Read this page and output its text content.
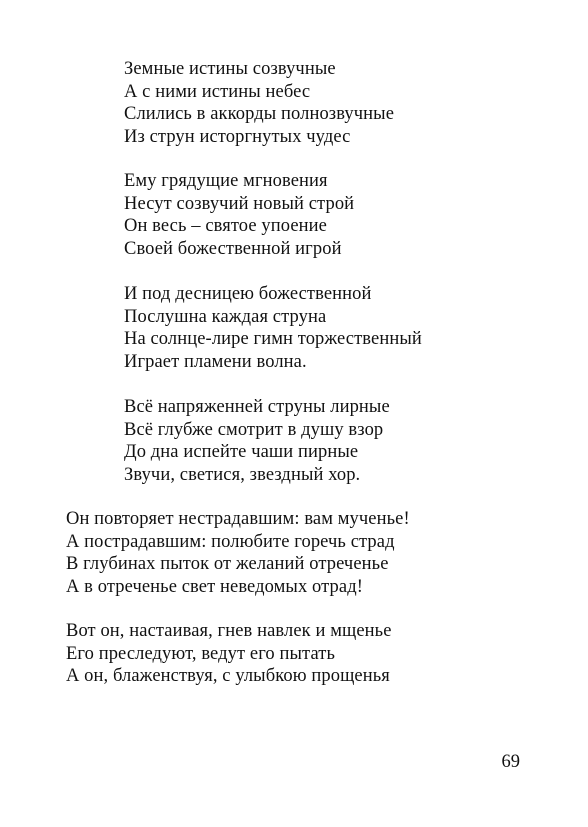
Земные истины созвучные
А с ними истины небес
Слились в аккорды полнозвучные
Из струн исторгнутых чудес
Ему грядущие мгновения
Несут созвучий новый строй
Он весь – святое упоение
Своей божественной игрой
И под десницею божественной
Послушна каждая струна
На солнце-лире гимн торжественный
Играет пламени волна.
Всё напряженней струны лирные
Всё глубже смотрит в душу взор
До дна испейте чаши пирные
Звучи, светися, звездный хор.
Он повторяет нестрадавшим: вам мученье!
А пострадавшим: полюбите горечь страд
В глубинах пыток от желаний отреченье
А в отреченье свет неведомых отрад!
Вот он, настаивая, гнев навлек и мщенье
Его преследуют, ведут его пытать
А он, блаженствуя, с улыбкою прощенья
69
